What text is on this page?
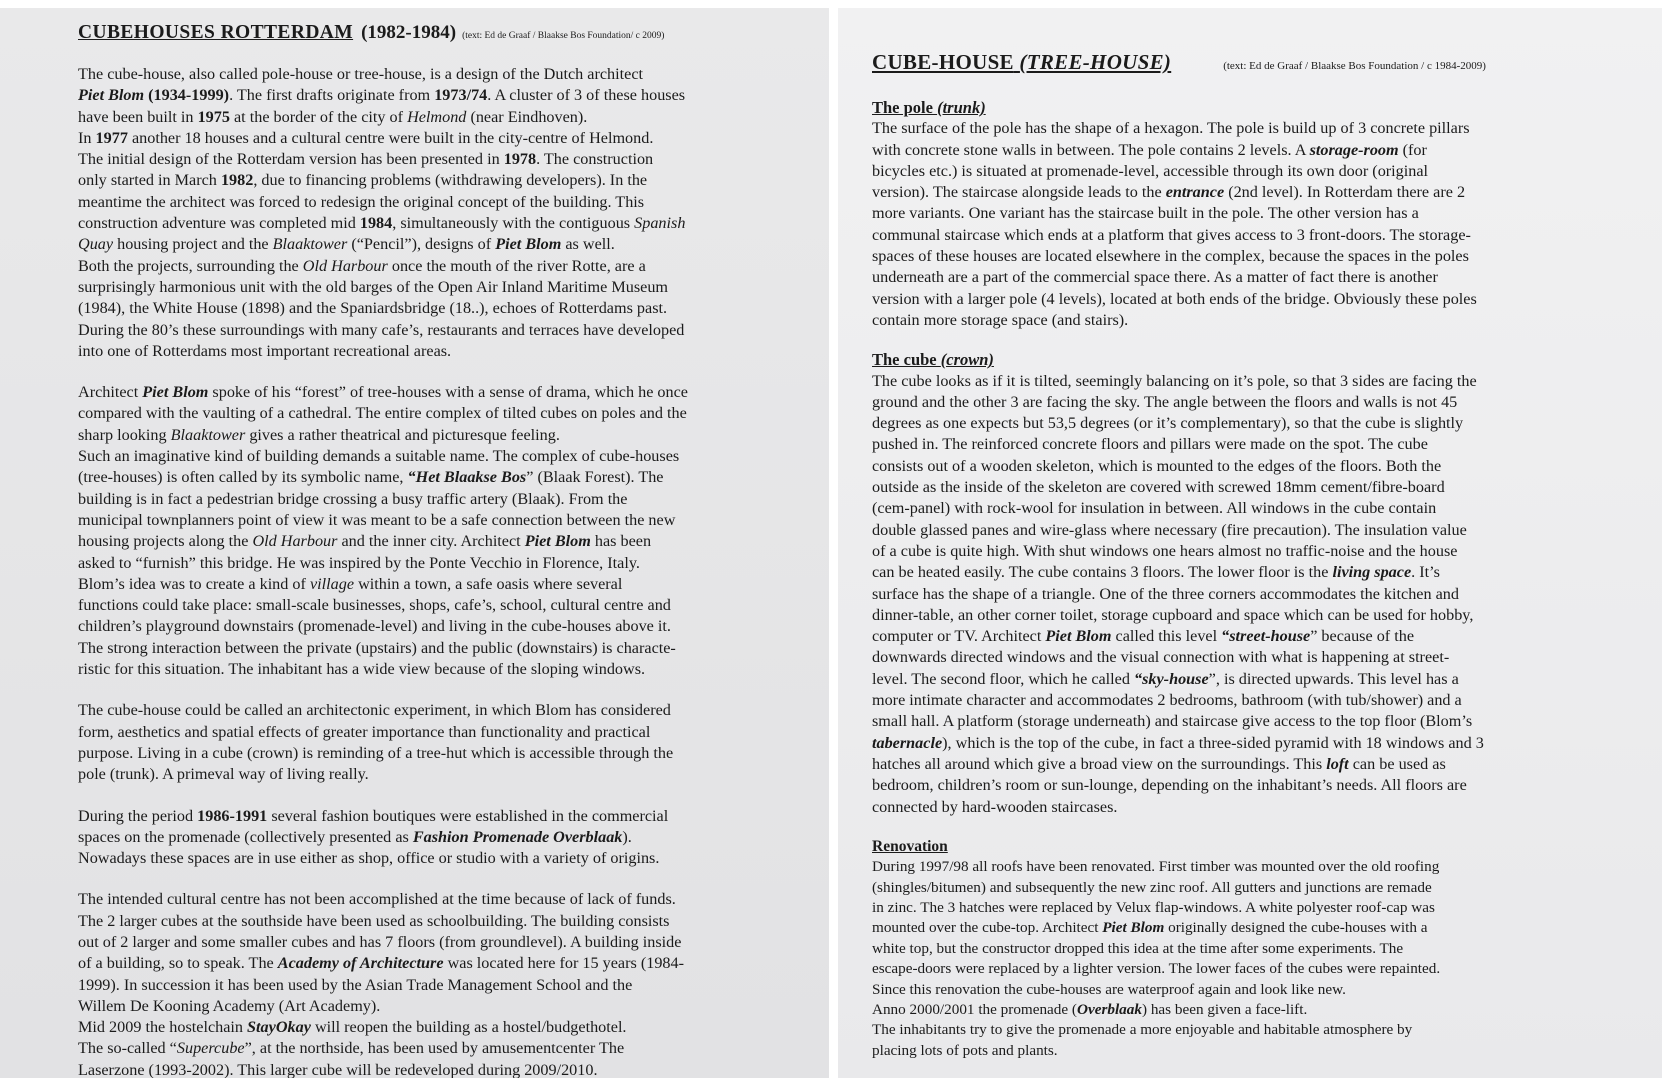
CUBEHOUSES ROTTERDAM (1982-1984) (text: Ed de Graaf / Blaakse Bos Foundation/ c 2009)
The cube-house, also called pole-house or tree-house, is a design of the Dutch architect
Piet Blom (1934-1999). The first drafts originate from 1973/74. A cluster of 3 of these houses
have been built in 1975 at the border of the city of Helmond (near Eindhoven).
In 1977 another 18 houses and a cultural centre were built in the city-centre of Helmond.
The initial design of the Rotterdam version has been presented in 1978. The construction
only started in March 1982, due to financing problems (withdrawing developers). In the
meantime the architect was forced to redesign the original concept of the building. This
construction adventure was completed mid 1984, simultaneously with the contiguous Spanish
Quay housing project and the Blaaktower (“Pencil”), designs of Piet Blom as well.
Both the projects, surrounding the Old Harbour once the mouth of the river Rotte, are a
surprisingly harmonious unit with the old barges of the Open Air Inland Maritime Museum
(1984), the White House (1898) and the Spaniardsbridge (18..), echoes of Rotterdams past.
During the 80’s these surroundings with many cafe’s, restaurants and terraces have developed
into one of Rotterdams most important recreational areas.
Architect Piet Blom spoke of his “forest” of tree-houses with a sense of drama, which he once
compared with the vaulting of a cathedral. The entire complex of tilted cubes on poles and the
sharp looking Blaaktower gives a rather theatrical and picturesque feeling.
Such an imaginative kind of building demands a suitable name. The complex of cube-houses
(tree-houses) is often called by its symbolic name, “Het Blaakse Bos” (Blaak Forest). The
building is in fact a pedestrian bridge crossing a busy traffic artery (Blaak). From the
municipal townplanners point of view it was meant to be a safe connection between the new
housing projects along the Old Harbour and the inner city. Architect Piet Blom has been
asked to “furnish” this bridge. He was inspired by the Ponte Vecchio in Florence, Italy.
Blom’s idea was to create a kind of village within a town, a safe oasis where several
functions could take place: small-scale businesses, shops, cafe’s, school, cultural centre and
children’s playground downstairs (promenade-level) and living in the cube-houses above it.
The strong interaction between the private (upstairs) and the public (downstairs) is characte-
ristic for this situation. The inhabitant has a wide view because of the sloping windows.
The cube-house could be called an architectonic experiment, in which Blom has considered
form, aesthetics and spatial effects of greater importance than functionality and practical
purpose. Living in a cube (crown) is reminding of a tree-hut which is accessible through the
pole (trunk). A primeval way of living really.
During the period 1986-1991 several fashion boutiques were established in the commercial
spaces on the promenade (collectively presented as Fashion Promenade Overblaak).
Nowadays these spaces are in use either as shop, office or studio with a variety of origins.
The intended cultural centre has not been accomplished at the time because of lack of funds.
The 2 larger cubes at the southside have been used as schoolbuilding. The building consists
out of 2 larger and some smaller cubes and has 7 floors (from groundlevel). A building inside
of a building, so to speak. The Academy of Architecture was located here for 15 years (1984-
1999). In succession it has been used by the Asian Trade Management School and the
Willem De Kooning Academy (Art Academy).
Mid 2009 the hostelchain StayOkay will reopen the building as a hostel/budgethotel.
The so-called “Supercube”, at the northside, has been used by amusementcenter The
Laserzone (1993-2002). This larger cube will be redeveloped during 2009/2010.
CUBE-HOUSE (TREE-HOUSE)	(text: Ed de Graaf / Blaakse Bos Foundation / c 1984-2009)
The pole (trunk)
The surface of the pole has the shape of a hexagon. The pole is build up of 3 concrete pillars
with concrete stone walls in between. The pole contains 2 levels. A storage-room (for
bicycles etc.) is situated at promenade-level, accessible through its own door (original
version). The staircase alongside leads to the entrance (2nd level). In Rotterdam there are 2
more variants. One variant has the staircase built in the pole. The other version has a
communal staircase which ends at a platform that gives access to 3 front-doors. The storage-
spaces of these houses are located elsewhere in the complex, because the spaces in the poles
underneath are a part of the commercial space there. As a matter of fact there is another
version with a larger pole (4 levels), located at both ends of the bridge. Obviously these poles
contain more storage space (and stairs).
The cube (crown)
The cube looks as if it is tilted, seemingly balancing on it’s pole, so that 3 sides are facing the
ground and the other 3 are facing the sky. The angle between the floors and walls is not 45
degrees as one expects but 53,5 degrees (or it’s complementary), so that the cube is slightly
pushed in. The reinforced concrete floors and pillars were made on the spot. The cube
consists out of a wooden skeleton, which is mounted to the edges of the floors. Both the
outside as the inside of the skeleton are covered with screwed 18mm cement/fibre-board
(cem-panel) with rock-wool for insulation in between. All windows in the cube contain
double glassed panes and wire-glass where necessary (fire precaution). The insulation value
of a cube is quite high. With shut windows one hears almost no traffic-noise and the house
can be heated easily. The cube contains 3 floors. The lower floor is the living space. It’s
surface has the shape of a triangle. One of the three corners accommodates the kitchen and
dinner-table, an other corner toilet, storage cupboard and space which can be used for hobby,
computer or TV. Architect Piet Blom called this level “street-house” because of the
downwards directed windows and the visual connection with what is happening at street-
level. The second floor, which he called “sky-house”, is directed upwards. This level has a
more intimate character and accommodates 2 bedrooms, bathroom (with tub/shower) and a
small hall. A platform (storage underneath) and staircase give access to the top floor (Blom’s
tabernacle), which is the top of the cube, in fact a three-sided pyramid with 18 windows and 3
hatches all around which give a broad view on the surroundings. This loft can be used as
bedroom, children’s room or sun-lounge, depending on the inhabitant’s needs. All floors are
connected by hard-wooden staircases.
Renovation
During 1997/98 all roofs have been renovated. First timber was mounted over the old roofing
(shingles/bitumen) and subsequently the new zinc roof. All gutters and junctions are remade
in zinc. The 3 hatches were replaced by Velux flap-windows. A white polyester roof-cap was
mounted over the cube-top. Architect Piet Blom originally designed the cube-houses with a
white top, but the constructor dropped this idea at the time after some experiments. The
escape-doors were replaced by a lighter version. The lower faces of the cubes were repainted.
Since this renovation the cube-houses are waterproof again and look like new.
Anno 2000/2001 the promenade (Overblaak) has been given a face-lift.
The inhabitants try to give the promenade a more enjoyable and habitable atmosphere by
placing lots of pots and plants.
